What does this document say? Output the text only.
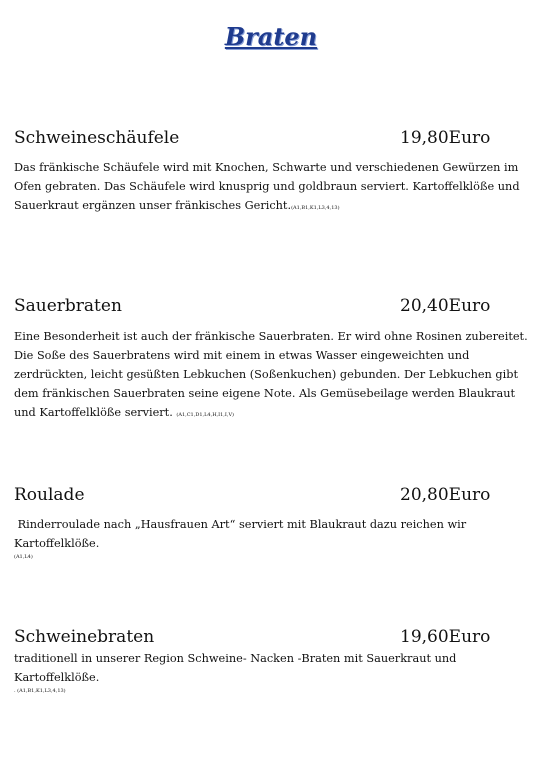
Braten
Schweineschäufele	19,80Euro

Das fränkische Schäufele wird mit Knochen, Schwarte und verschiedenen Gewürzen im Ofen gebraten. Das Schäufele wird knusprig und goldbraun serviert. Kartoffelklöße und Sauerkraut ergänzen unser fränkisches Gericht.(A1,B1,K1,L3,4,13)

Sauerbraten	20,40Euro

Eine Besonderheit ist auch der fränkische Sauerbraten. Er wird ohne Rosinen zubereitet. Die Soße des Sauerbratens wird mit einem in etwas Wasser eingeweichten und zerdrückten, leicht gesüßten Lebkuchen (Soßenkuchen) gebunden. Der Lebkuchen gibt dem fränkischen Sauerbraten seine eigene Note. Als Gemüsebeilage werden Blaukraut und Kartoffelklöße serviert. (A1,C1,D1,L4,H,I1,I,V)

Roulade	20,80Euro

Rinderroulade nach „Hausfrauen Art“ serviert mit Blaukraut dazu reichen wir Kartoffelklöße.

(A1,L4)
Schweinebraten	19,60Euro

traditionell in unserer Region Schweine- Nacken -Braten mit Sauerkraut und Kartoffelklöße.

. (A1,B1,K1,L3,4,13)
